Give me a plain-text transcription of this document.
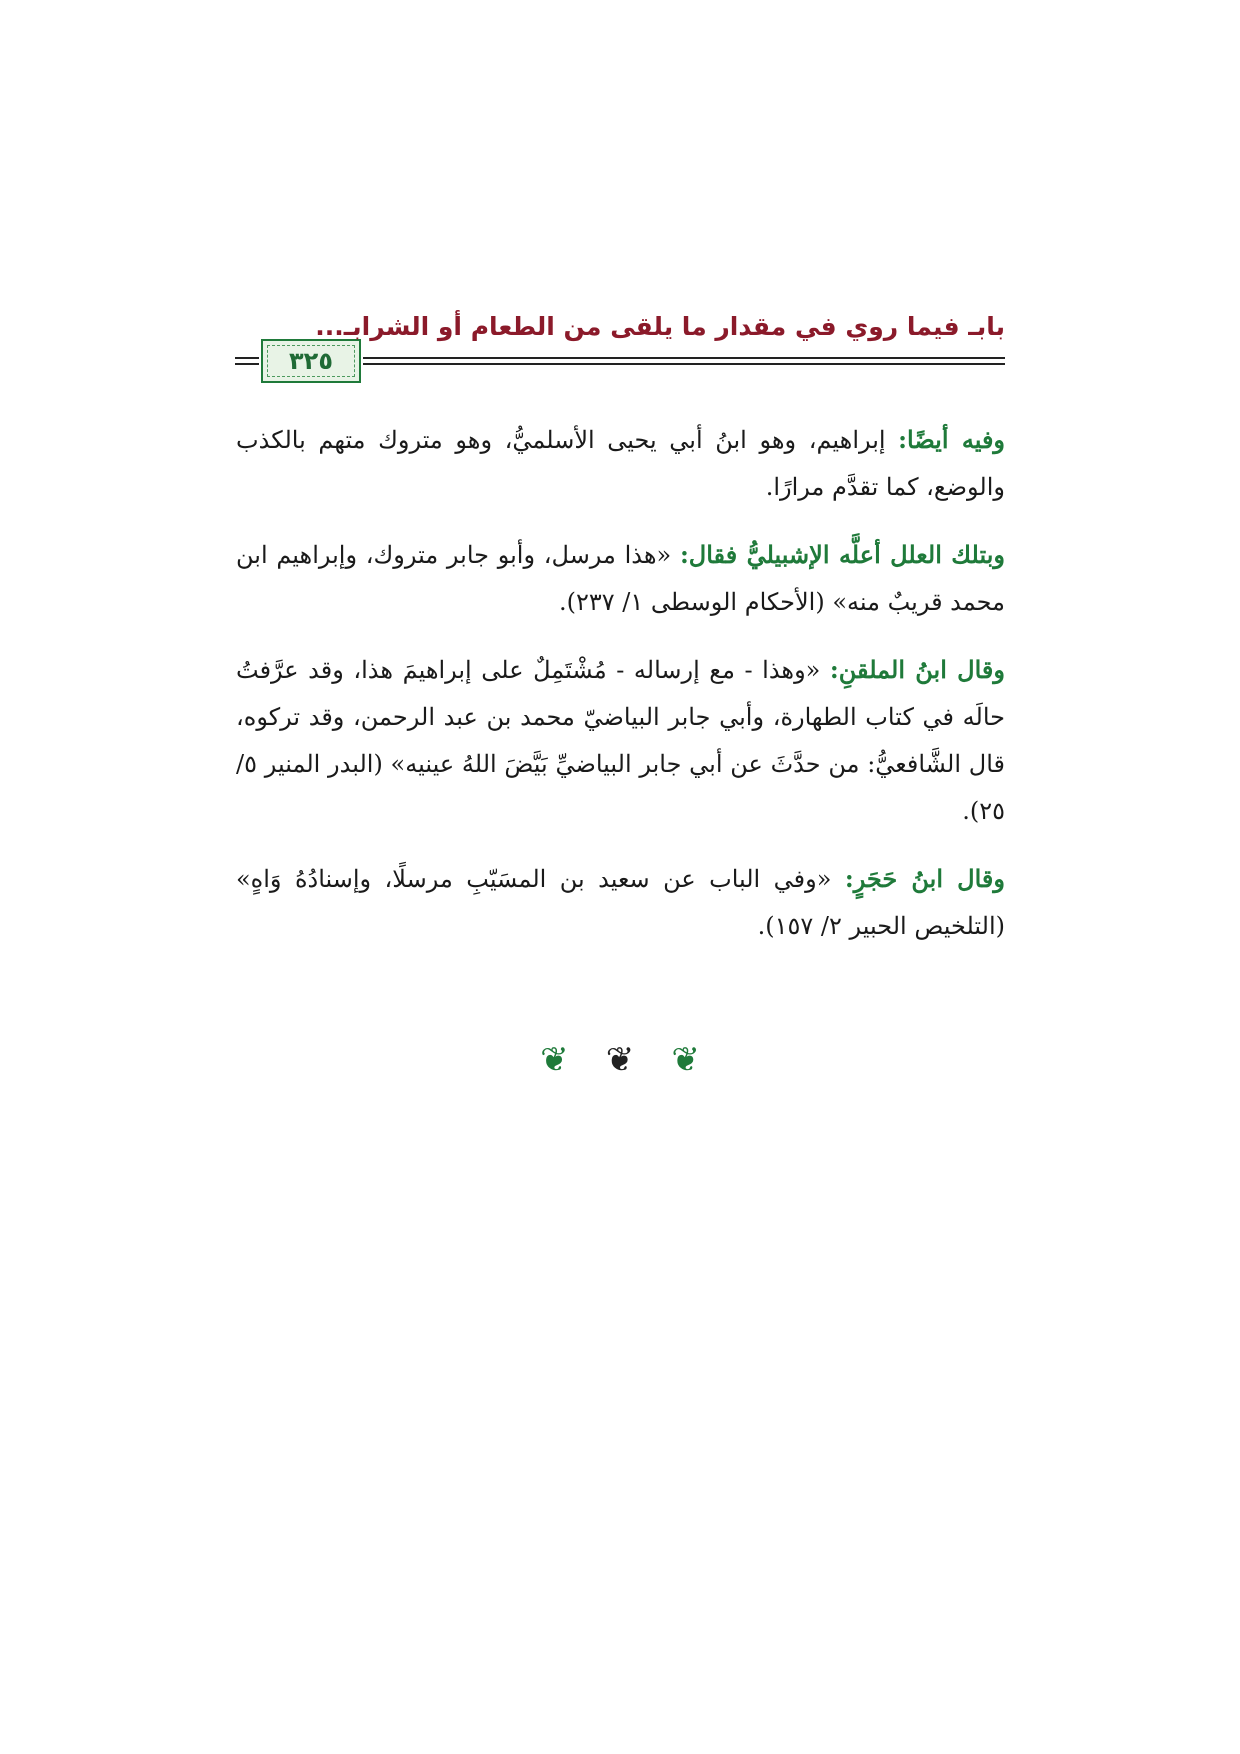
٣٢٥
بابـ فيما روي في مقدار ما يلقى من الطعام أو الشرابـ...

وفيه أيضًا: إبراهيم، وهو ابنُ أبي يحيى الأسلميُّ، وهو متروك متهم بالكذب والوضع، كما تقدَّم مرارًا.

وبتلك العلل أعلَّه الإشبيليُّ فقال: «هذا مرسل، وأبو جابر متروك، وإبراهيم ابن محمد قريبٌ منه» (الأحكام الوسطى ١/ ٢٣٧).

وقال ابنُ الملقنِ: «وهذا - مع إرساله - مُشْتَمِلٌ على إبراهيمَ هذا، وقد عرَّفتُ حالَه في كتاب الطهارة، وأبي جابر البياضيّ محمد بن عبد الرحمن، وقد تركوه، قال الشَّافعيُّ: من حدَّثَ عن أبي جابر البياضيِّ بَيَّضَ اللهُ عينيه» (البدر المنير ٥/ ٢٥).

وقال ابنُ حَجَرٍ: «وفي الباب عن سعيد بن المسَيّبِ مرسلًا، وإسنادُهُ وَاهٍ» (التلخيص الحبير ٢/ ١٥٧).

❦ ❦ ❦
